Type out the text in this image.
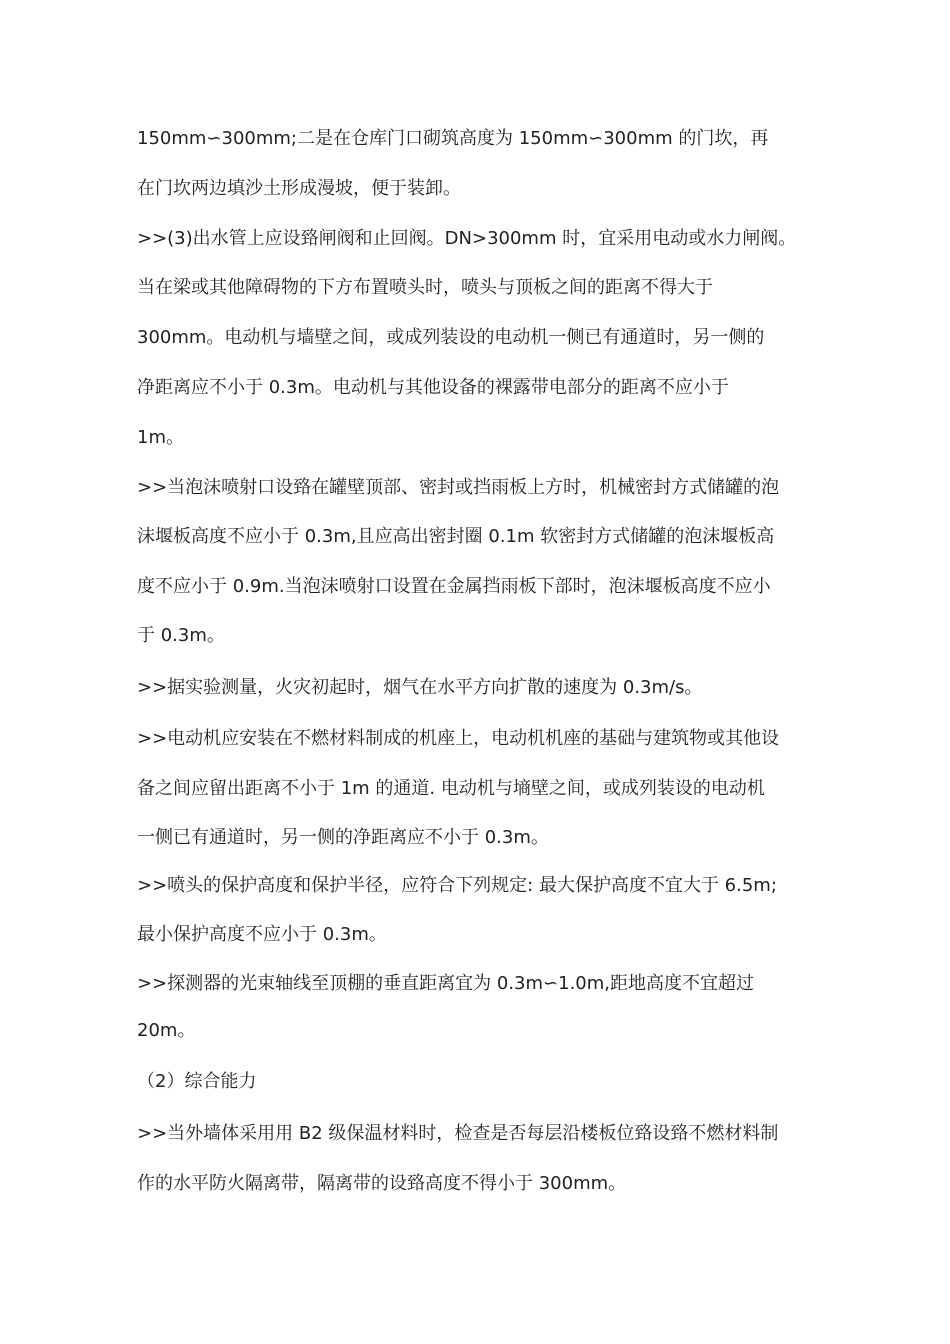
150mm∽300mm;二是在仓库门口砌筑高度为 150mm∽300mm 的门坎，再
在门坎两边填沙土形成漫坡，便于装卸。
>>(3)出水管上应设臵闸阀和止回阀。DN>300mm 时，宜采用电动或水力闸阀。
当在梁或其他障碍物的下方布置喷头时，喷头与顶板之间的距离不得大于
300mm。电动机与墙壁之间，或成列装设的电动机一侧已有通道时，另一侧的
净距离应不小于 0.3m。电动机与其他设备的裸露带电部分的距离不应小于
1m。
>>当泡沫喷射口设臵在罐壁顶部、密封或挡雨板上方时，机械密封方式储罐的泡
沫堰板高度不应小于 0.3m,且应高出密封圈 0.1m 软密封方式储罐的泡沫堰板高
度不应小于 0.9m.当泡沫喷射口设置在金属挡雨板下部时，泡沫堰板高度不应小
于 0.3m。
>>据实验测量，火灾初起时，烟气在水平方向扩散的速度为 0.3m/s。
>>电动机应安装在不燃材料制成的机座上，电动机机座的基础与建筑物或其他设
备之间应留出距离不小于 1m 的通道. 电动机与墒壁之间，或成列装设的电动机
一侧已有通道时，另一侧的净距离应不小于 0.3m。
>>喷头的保护高度和保护半径，应符合下列规定: 最大保护高度不宜大于 6.5m;
最小保护高度不应小于 0.3m。
>>探测器的光束轴线至顶棚的垂直距离宜为 0.3m∽1.0m,距地高度不宜超过
20m。
（2）综合能力
>>当外墙体采用用 B2 级保温材料时，检查是否每层沿楼板位臵设臵不燃材料制
作的水平防火隔离带，隔离带的设臵高度不得小于 300mm。
